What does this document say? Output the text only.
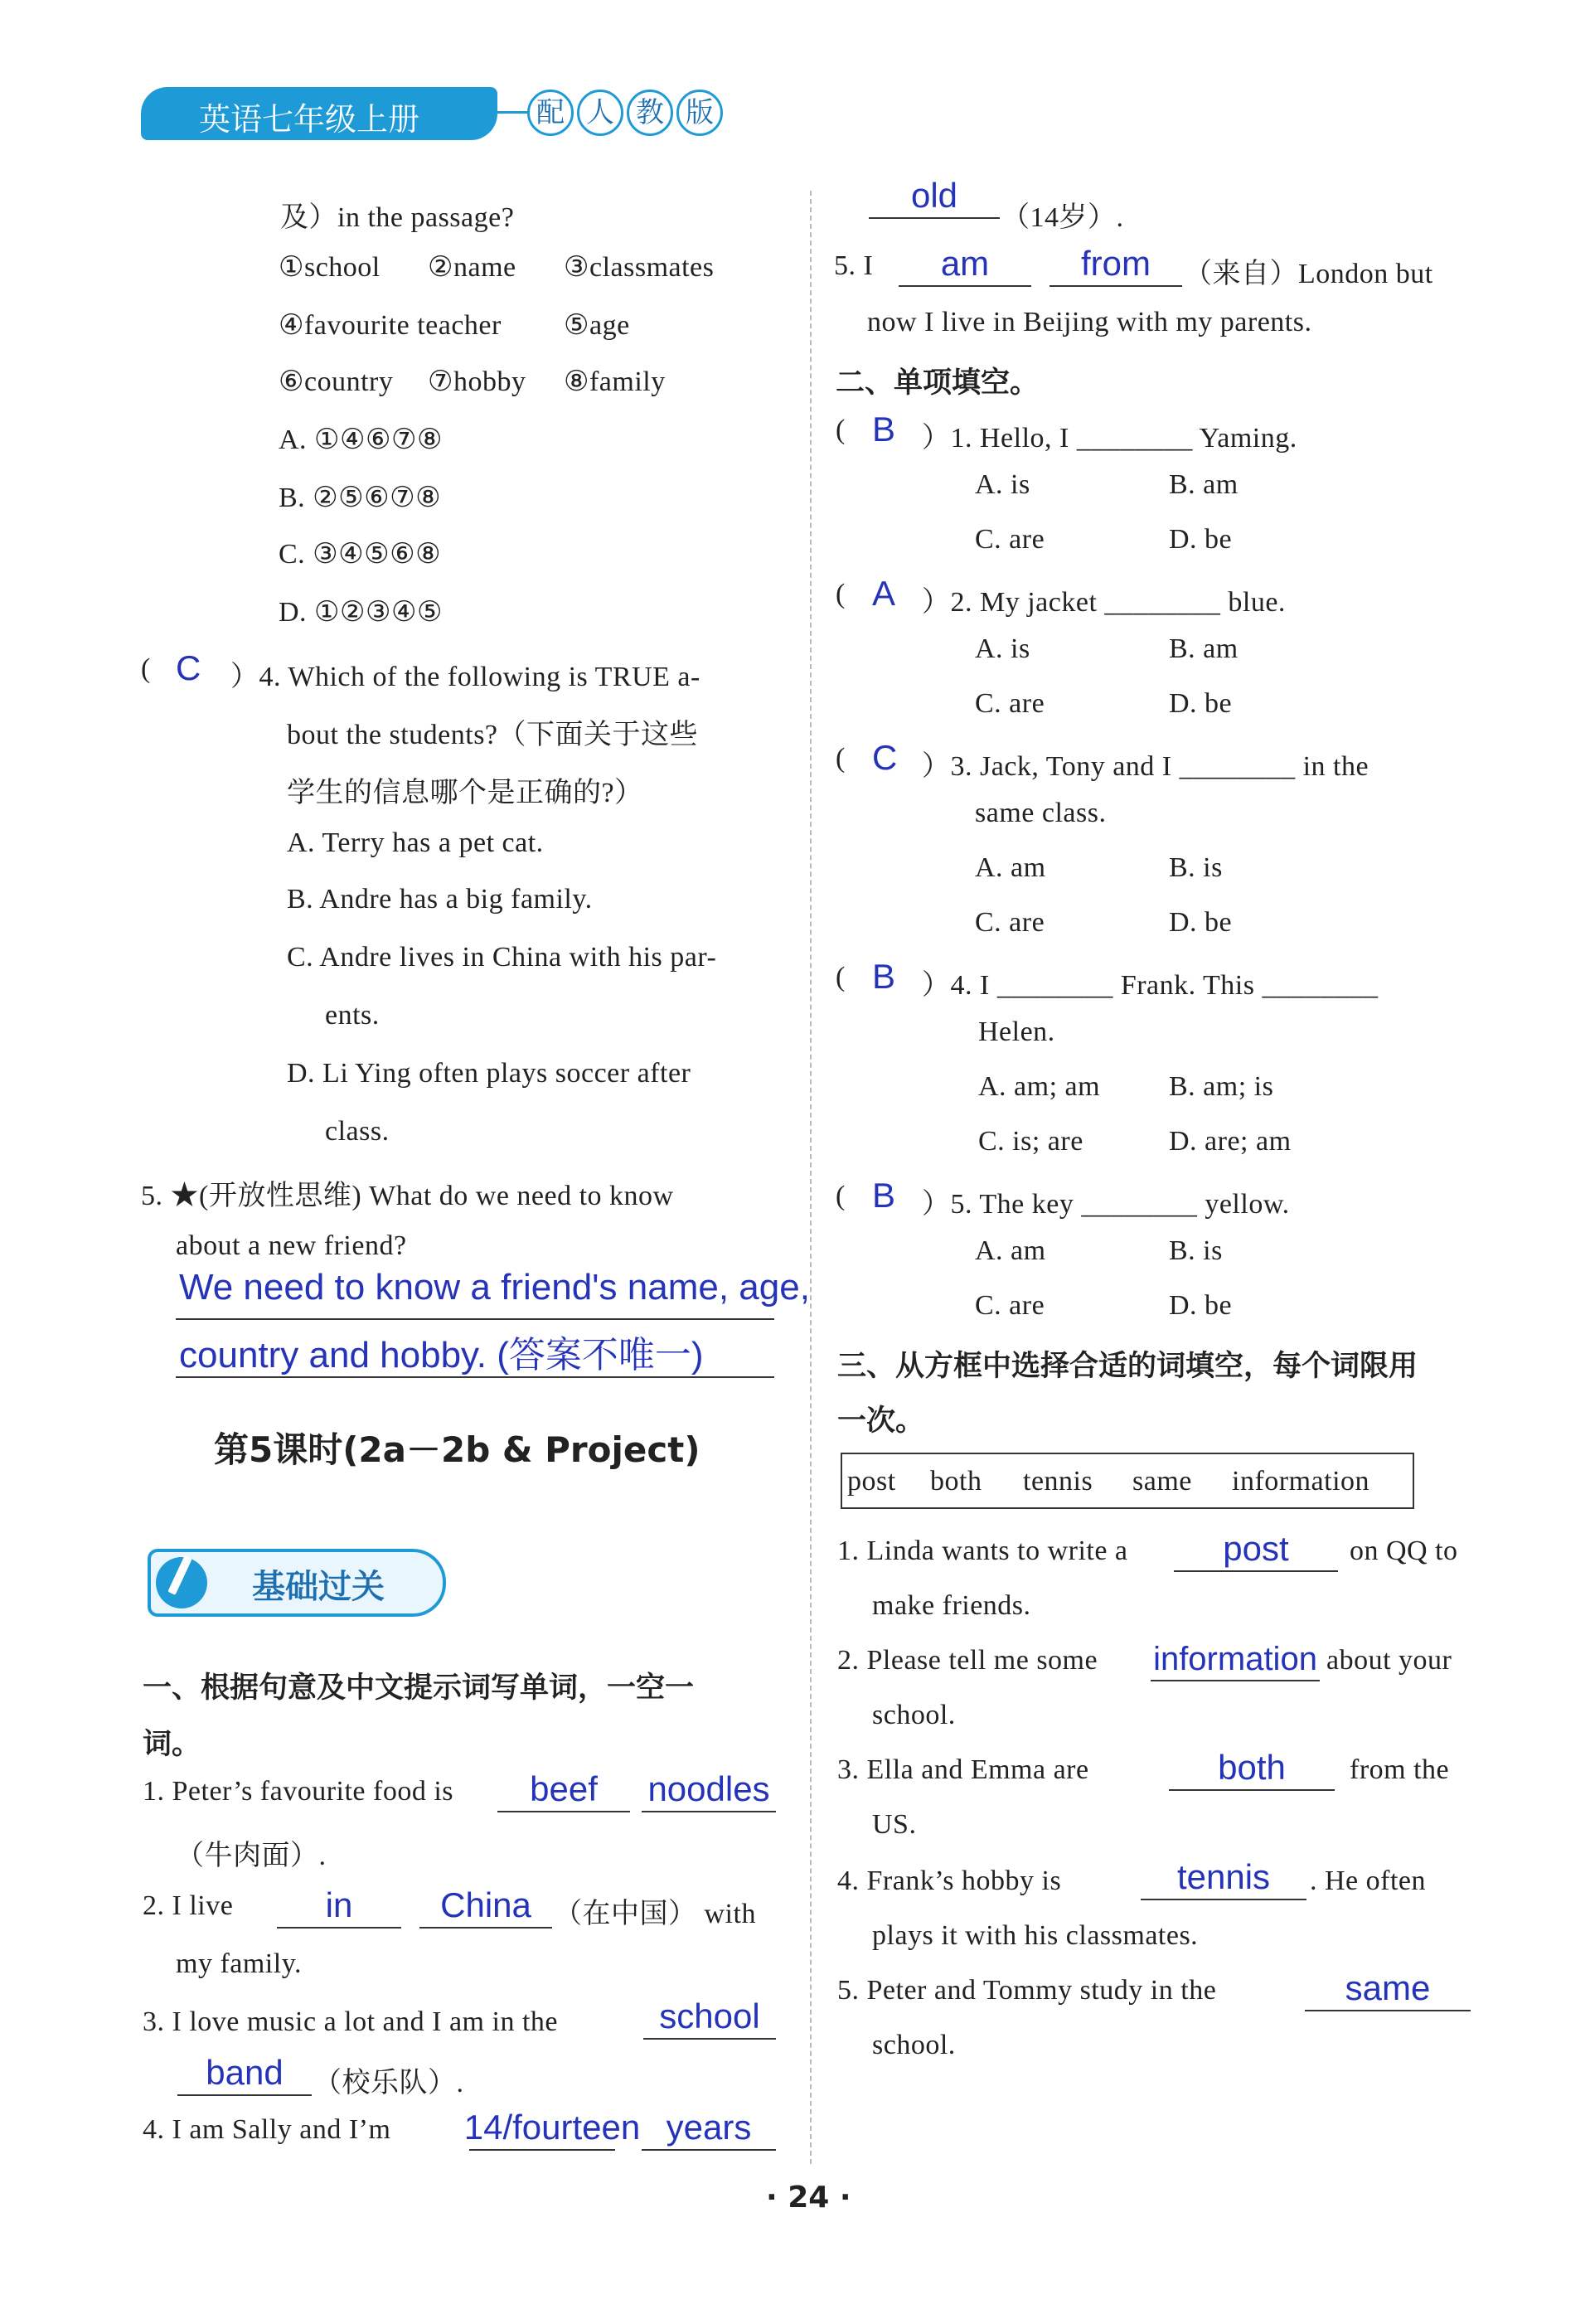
英语七年级上册	配 人 教 版
及）in the passage?
①school ②name ③classmates
④favourite teacher ⑤age
⑥country ⑦hobby ⑧family
A. ①④⑥⑦⑧
B. ②⑤⑥⑦⑧
C. ③④⑤⑥⑧
D. ①②③④⑤
( C ）4. Which of the following is TRUE a-
bout the students?（下面关于这些
学生的信息哪个是正确的?）
A. Terry has a pet cat.
B. Andre has a big family.
C. Andre lives in China with his par-
ents.
D. Li Ying often plays soccer after
class.
5. ★(开放性思维) What do we need to know
about a new friend?
We need to know a friend's name, age,
country and hobby. (答案不唯一)
第5课时(2a－2b & Project)
基础过关
一、根据句意及中文提示词写单词，一空一
词。
1. Peter’s favourite food is	beef	noodles
（牛肉面）.
2. I live	in	China （在中国） with
my family.
3. I love music a lot and I am in the	school
band	（校乐队）.
4. I am Sally and I’m 14/fourteen years
old
（14岁）.
5. I	am	from	（来自）London but
now I live in Beijing with my parents.
二、单项填空。
( B ）1. Hello, I ________ Yaming.
A. is	B. am
C. are	D. be
( A ）2. My jacket ________ blue.
A. is	B. am
C. are	D. be
( C ）3. Jack, Tony and I ________ in the
same class.
A. am	B. is
C. are	D. be
( B ）4. I ________ Frank. This ________
Helen.
A. am; am B. am; is
C. is; are	D. are; am
( B ）5. The key ________ yellow.
A. am	B. is
C. are	D. be
三、从方框中选择合适的词填空，每个词限用
一次。
post both tennis same information
1. Linda wants to write a	post	on QQ to
make friends.
2. Please tell me some information about your
school.
3. Ella and Emma are	both	from the
US.
4. Frank’s hobby is	tennis	. He often
plays it with his classmates.
5. Peter and Tommy study in the	same
school.
· 24 ·
